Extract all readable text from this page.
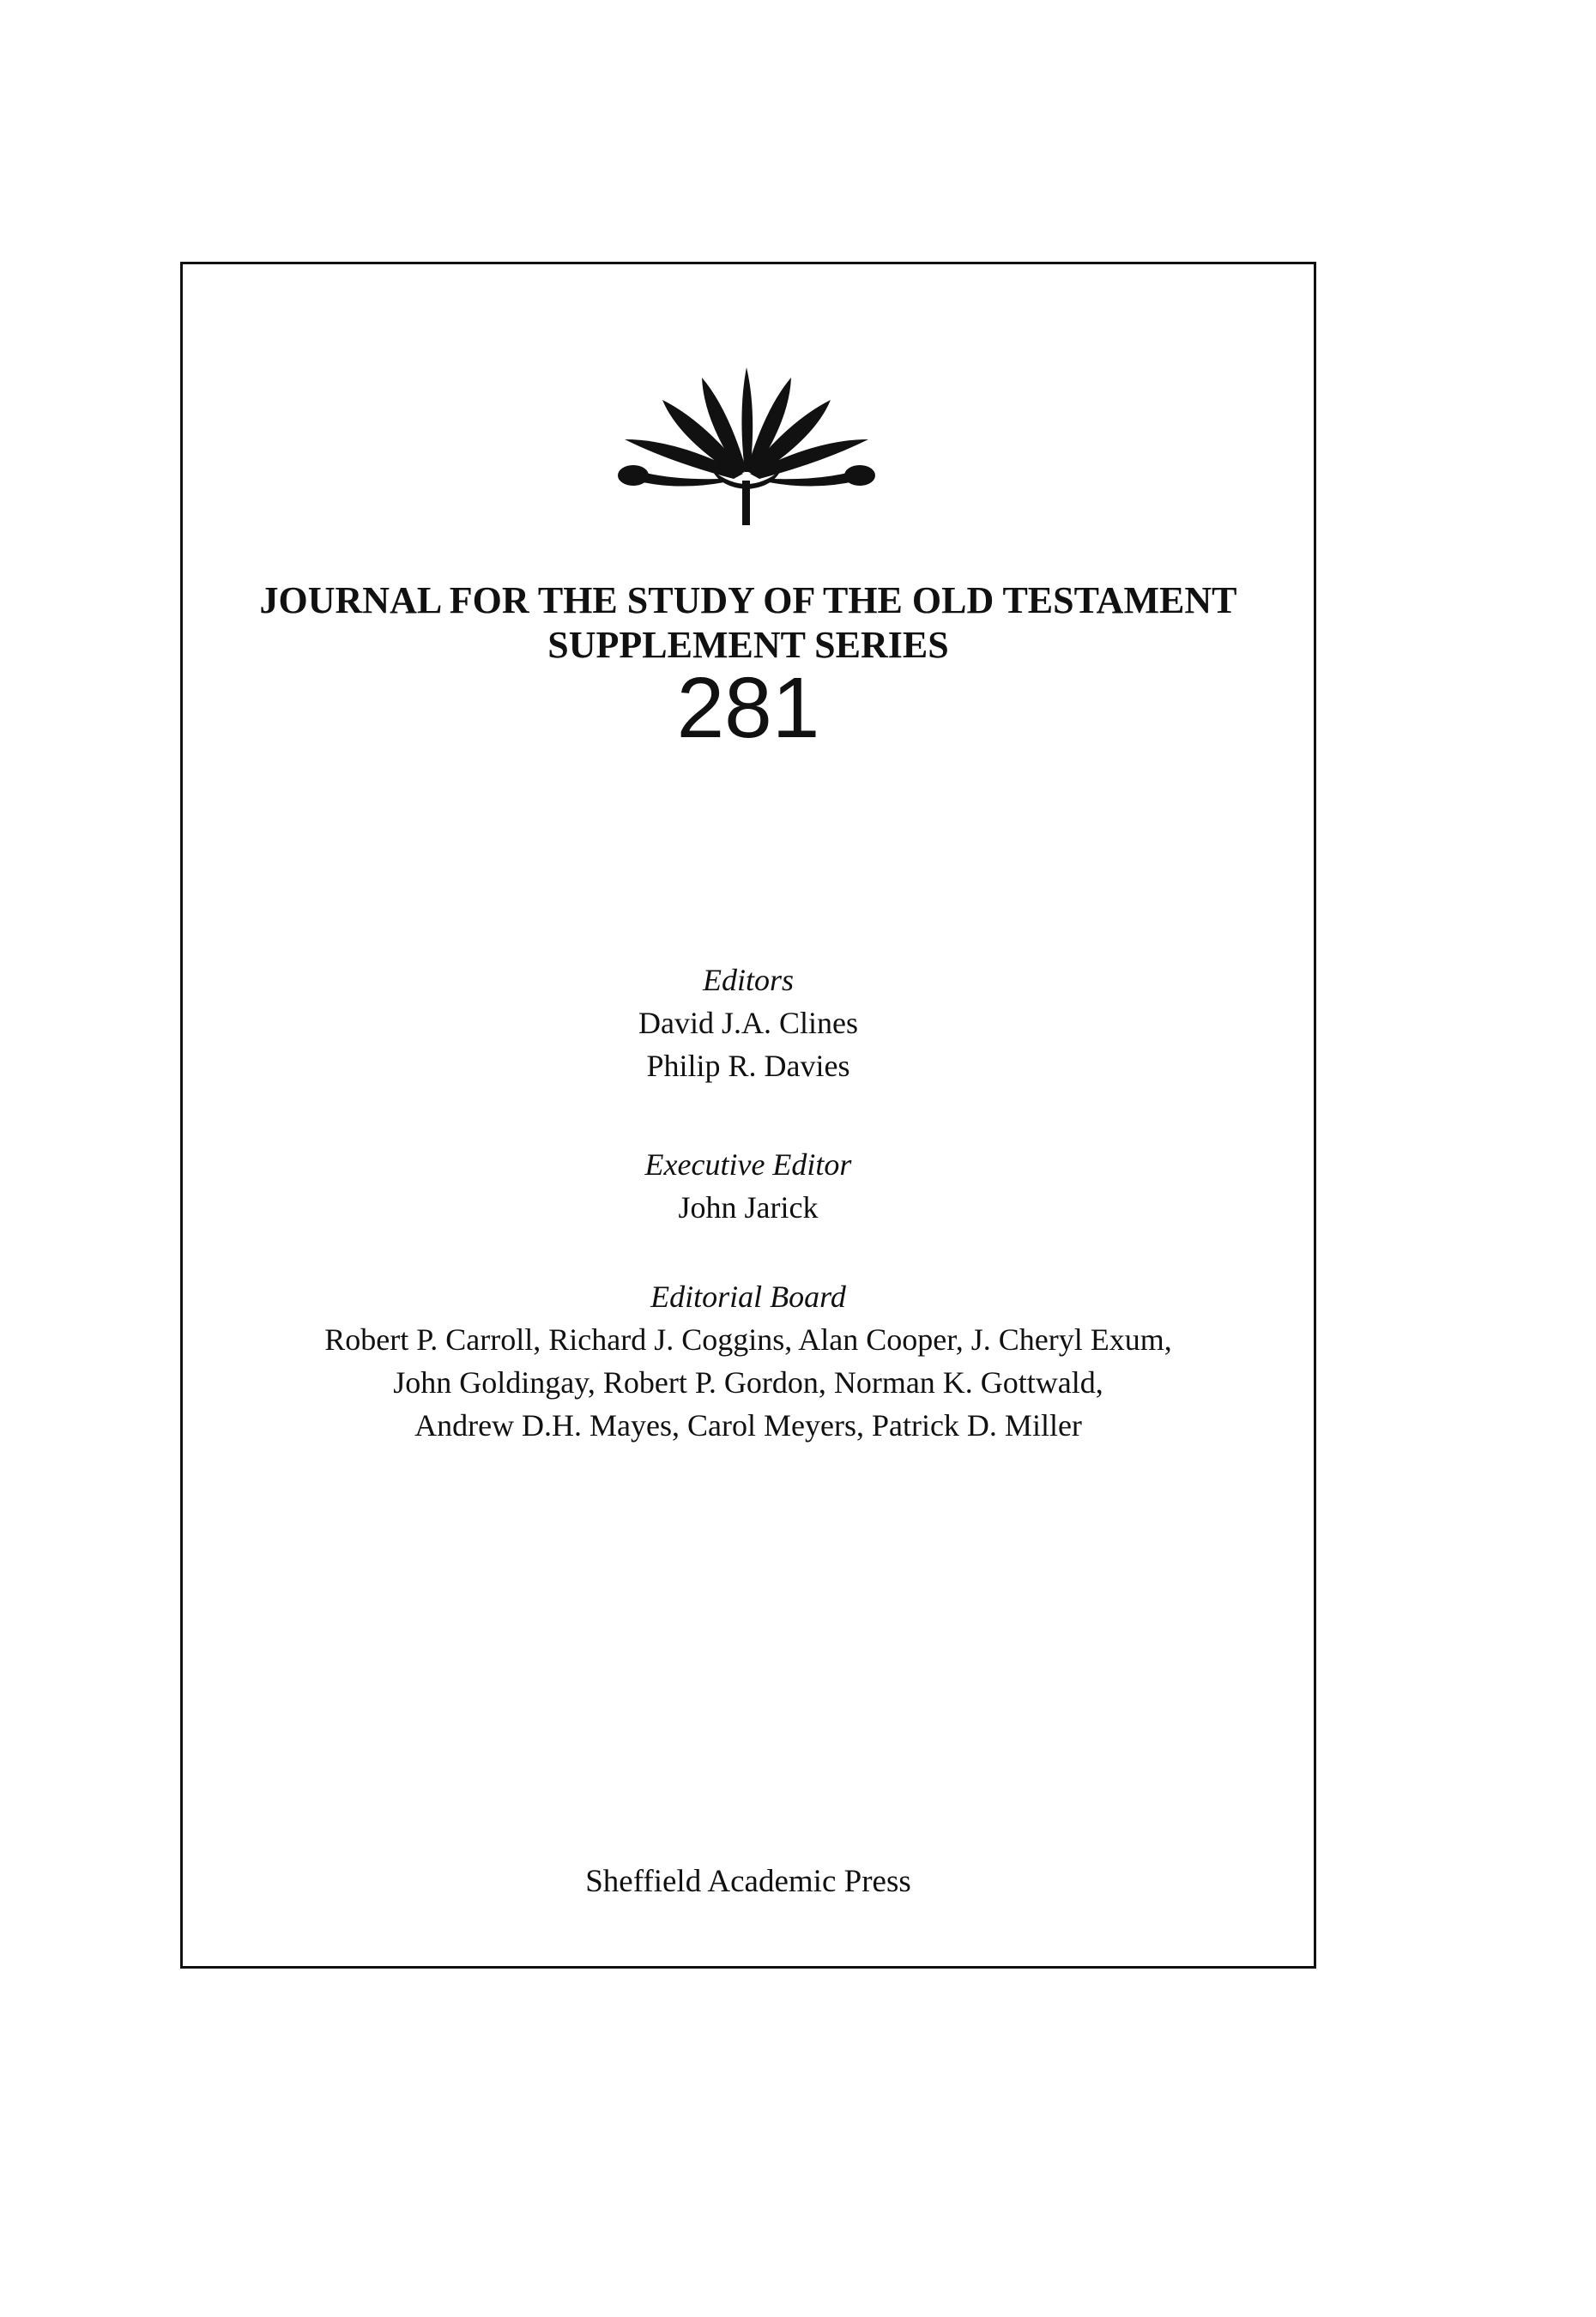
JOURNAL FOR THE STUDY OF THE OLD TESTAMENT
SUPPLEMENT SERIES
281
Editors
David J.A. Clines
Philip R. Davies
Executive Editor
John Jarick
Editorial Board
Robert P. Carroll, Richard J. Coggins, Alan Cooper, J. Cheryl Exum,
John Goldingay, Robert P. Gordon, Norman K. Gottwald,
Andrew D.H. Mayes, Carol Meyers, Patrick D. Miller
Sheffield Academic Press
